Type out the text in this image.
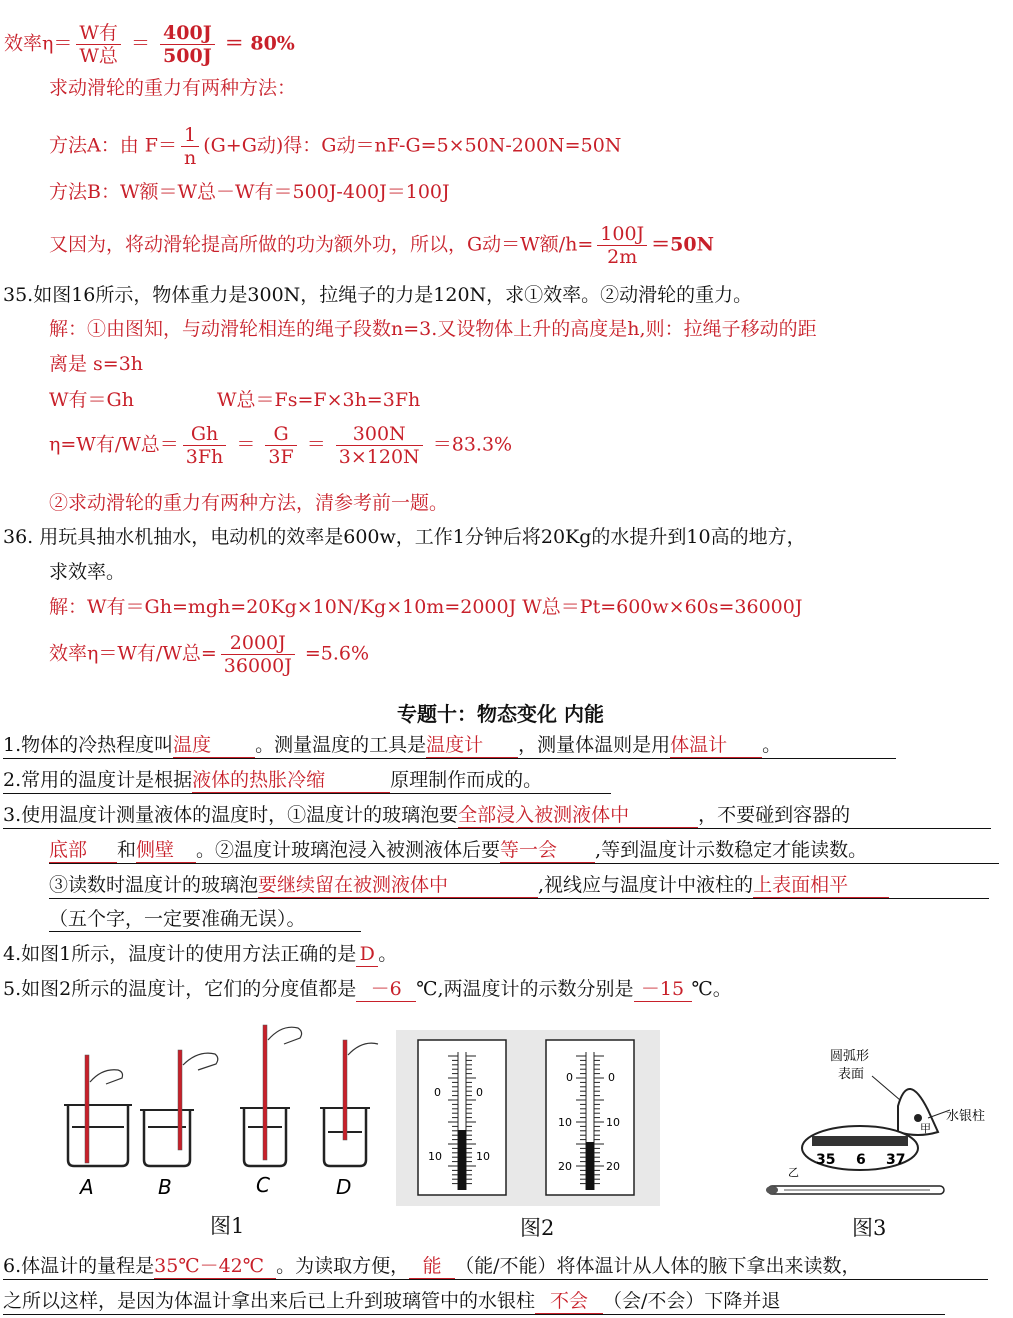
效率$\eta= \frac{\text{W有}}{\text{W总}} = \frac{400J}{500J} = 80\%$
求动滑轮的重力有两种方法：
方法A：由 $F= \frac{1}{n} (G+G$动)得：G动＝nF-G=5×50N-200N=50N
方法B：W额＝W总－W有＝500J-400J＝100J
又因为，将动滑轮提高所做的功为额外功，所以，G动＝W额$/h= \frac{100J}{2m} =50N$
35.如图16所示，物体重力是300N，拉绳子的力是120N，求①效率。②动滑轮的重力。
解：①由图知，与动滑轮相连的绳子段数n=3.又设物体上升的高度是h,则：拉绳子移动的距
离是 s=3h
W有＝Gh	W总＝Fs=F×3h=3Fh
η=W有/W总＝ $\frac{Gh}{3Fh} = \frac{G}{3F} = \frac{300N}{3\times 120N} =83.3\%$
②求动滑轮的重力有两种方法，清参考前一题。
36. 用玩具抽水机抽水，电动机的效率是600w，工作1分钟后将20Kg的水提升到10高的地方，
求效率。
解：W有＝Gh=mgh=20Kg×10N/Kg×10m=2000J W总＝Pt=600w×60s=36000J
效率η＝W有/W总= $\frac{2000J}{36000J} =5.6\%$
专题十：物态变化 内能
1.物体的冷热程度叫温度 。测量温度的工具是温度计 ，测量体温则是用体温计 。
2.常用的温度计是根据液体的热胀冷缩	原理制作而成的。
3.使用温度计测量液体的温度时，①温度计的玻璃泡要全部浸入被测液体中	，不要碰到容器的
底部 和侧壁 。②温度计玻璃泡浸入被测液体后要等一会 ,等到温度计示数稳定才能读数。
③读数时温度计的玻璃泡要继续留在被测液体中	,视线应与温度计中液柱的上表面相平
（五个字，一定要准确无误）。
4.如图1所示，温度计的使用方法正确的是 D 。
5.如图2所示的温度计，它们的分度值都是 －6 ℃,两温度计的示数分别是 －15 ℃。
A	B	C	D
图1
0	0
10	10
0	0
10	10
20	20
图2
圆弧形
表面
水银柱
甲
35 6 37
乙
图3
6.体温计的量程是35℃－42℃ 。为读取方便， 能 （能/不能）将体温计从人体的腋下拿出来读数，
之所以这样，是因为体温计拿出来后已上升到玻璃管中的水银柱 不会 （会/不会）下降并退
